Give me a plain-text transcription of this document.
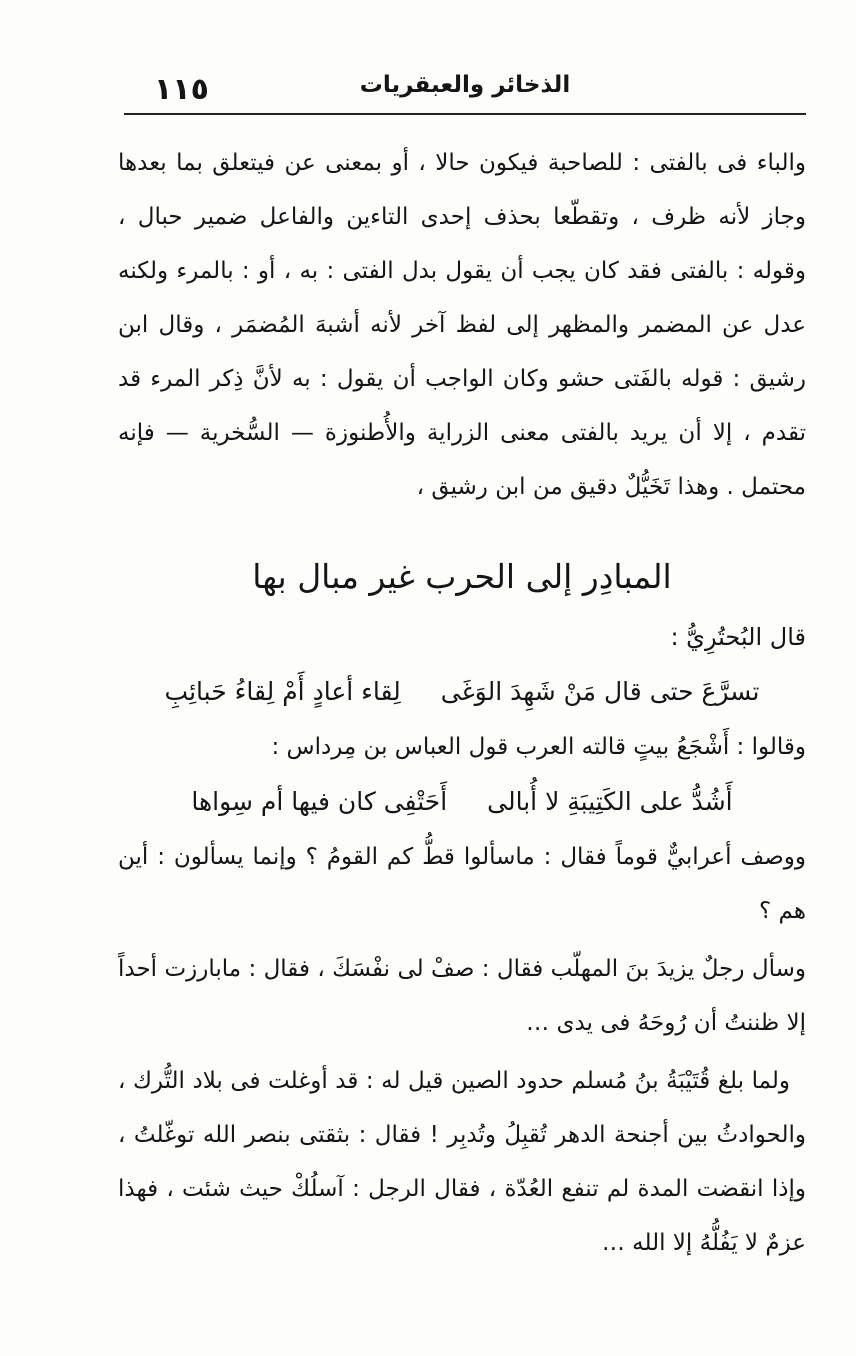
الذخائر والعبقريات
١١٥

والباء فى بالفتى : للصاحبة فيكون حالا ، أو بمعنى عن فيتعلق بما بعدها وجاز لأنه ظرف ، وتقطّعا بحذف إحدى التاءين والفاعل ضمير حبال ، وقوله : بالفتى فقد كان يجب أن يقول بدل الفتى : به ، أو : بالمرء ولكنه عدل عن المضمر والمظهر إلى لفظ آخر لأنه أشبهَ المُضمَر ، وقال ابن رشيق : قوله بالفَتى حشو وكان الواجب أن يقول : به لأنَّ ذِكر المرء قد تقدم ، إلا أن يريد بالفتى معنى الزراية والأُطنوزة — السُّخرية — فإنه محتمل . وهذا تَخَيُّلٌ دقيق من ابن رشيق ،

المبادِر إلى الحرب غير مبال بها

قال البُحتُرِيُّ :

تسرَّعَ حتى قال مَنْ شَهِدَ الوَغَى
لِقاء أعادٍ أَمْ لِقاءُ حَبائِبِ

وقالوا : أَشْجَعُ بيتٍ قالته العرب قول العباس بن مِرداس :

أَشُدُّ على الكَتِيبَةِ لا أُبالى
أَحَتْفِى كان فيها أم سِواها

ووصف أعرابيٌّ قوماً فقال : ماسألوا قطُّ كم القومُ ؟ وإنما يسألون : أين هم ؟

وسأل رجلٌ يزيدَ بنَ المهلّب فقال : صفْ لى نفْسَكَ ، فقال : مابارزت أحداً إلا ظننتُ أن رُوحَهُ فى يدى …

ولما بلغ قُتَيْبَةُ بنُ مُسلم حدود الصين قيل له : قد أوغلت فى بلاد التُّرك ، والحوادثُ بين أجنحة الدهر تُقبِلُ وتُدبِر ! فقال : بثقتى بنصر الله توغّلتُ ، وإذا انقضت المدة لم تنفع العُدّة ، فقال الرجل : آسلُكْ حيث شئت ، فهذا عزمٌ لا يَفُلُّهُ إلا الله …
